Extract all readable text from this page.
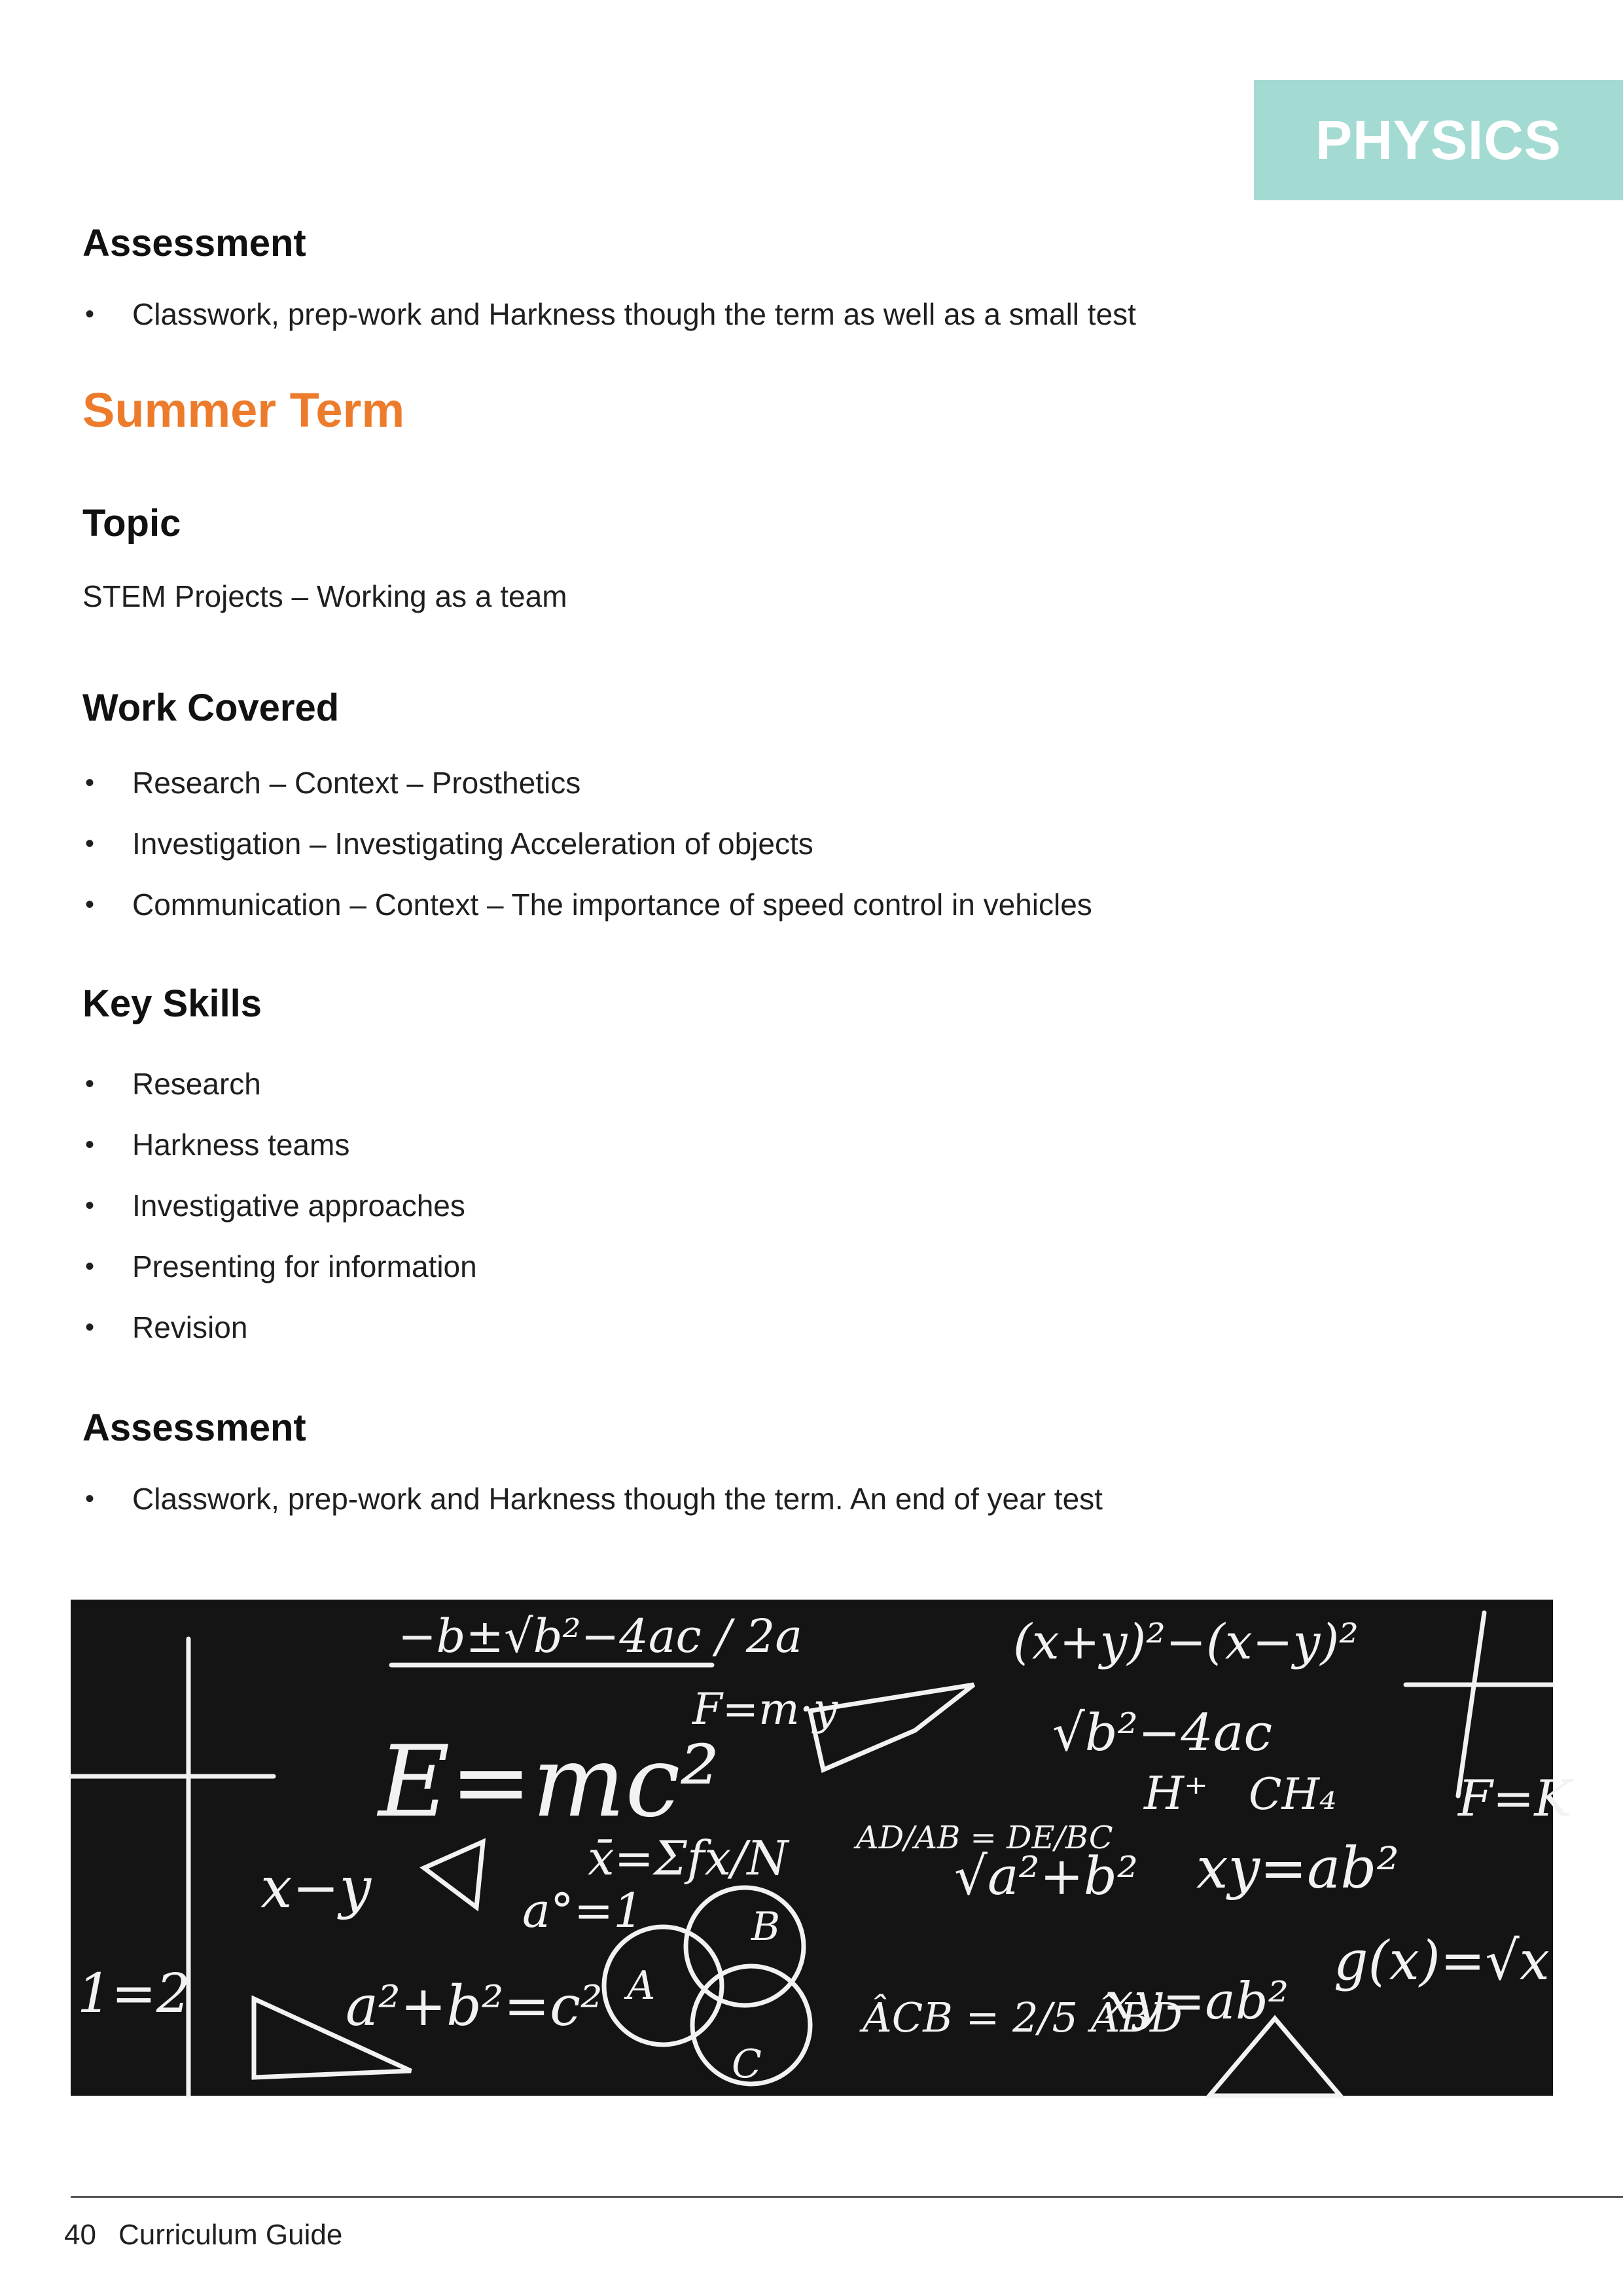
PHYSICS
Assessment
• Classwork, prep-work and Harkness though the term as well as a small test
Summer Term
Topic
STEM Projects – Working as a team
Work Covered
• Research – Context – Prosthetics
• Investigation – Investigating Acceleration of objects
• Communication – Context – The importance of speed control in vehicles
Key Skills
• Research
• Harkness teams
• Investigative approaches
• Presenting for information
• Revision
Assessment
• Classwork, prep-work and Harkness though the term. An end of year test
−b±√b²−4ac / 2a
E=mc²
x̄=Σfx/N
√b²−4ac
F=m·y
(x+y)²−(x−y)²
H⁺ CH₄
xy=ab²
a²+b²=c²
g(x)=√x
x−y	a°=1
1=2	A
B
C
F=K
√a²+b²
AD/AB = DE/BC
ÂCB = 2/5 ÂBD
xy=ab²
40 Curriculum Guide
